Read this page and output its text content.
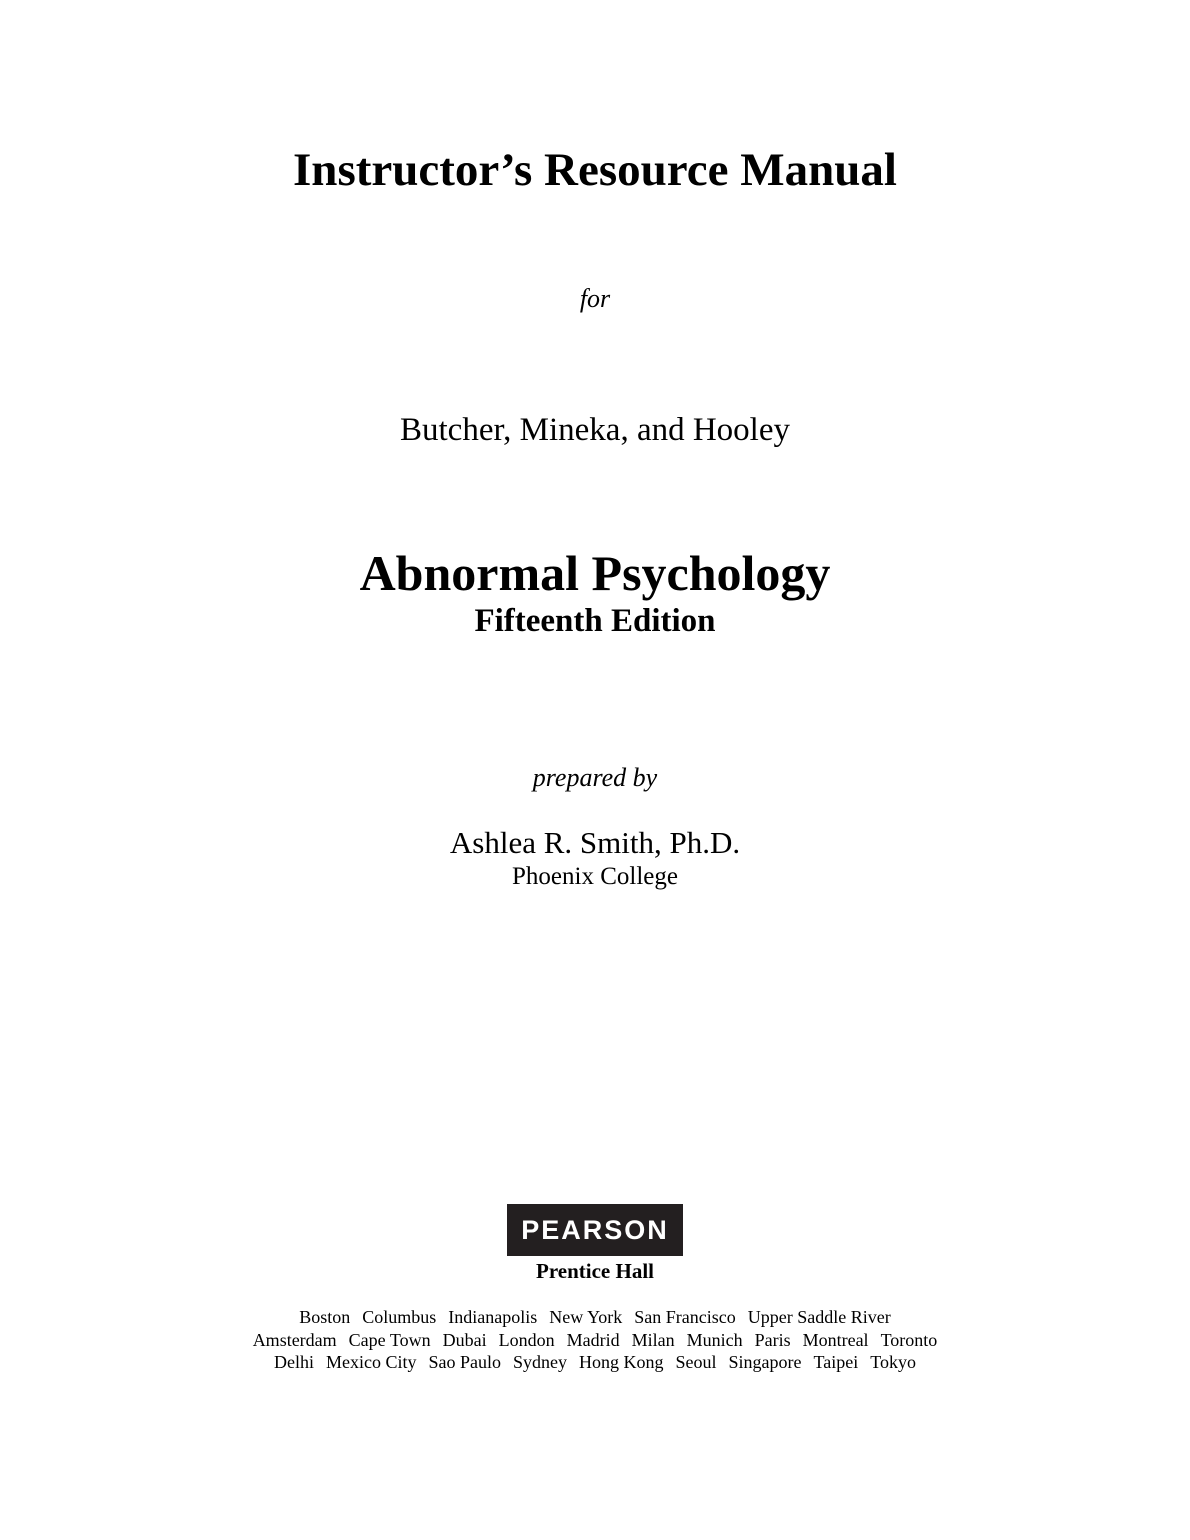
Instructor’s Resource Manual
for
Butcher, Mineka, and Hooley
Abnormal Psychology
Fifteenth Edition
prepared by
Ashlea R. Smith, Ph.D.
Phoenix College
PEARSON
Prentice Hall
Boston Columbus Indianapolis New York San Francisco Upper Saddle River
Amsterdam Cape Town Dubai London Madrid Milan Munich Paris Montreal Toronto
Delhi Mexico City Sao Paulo Sydney Hong Kong Seoul Singapore Taipei Tokyo
